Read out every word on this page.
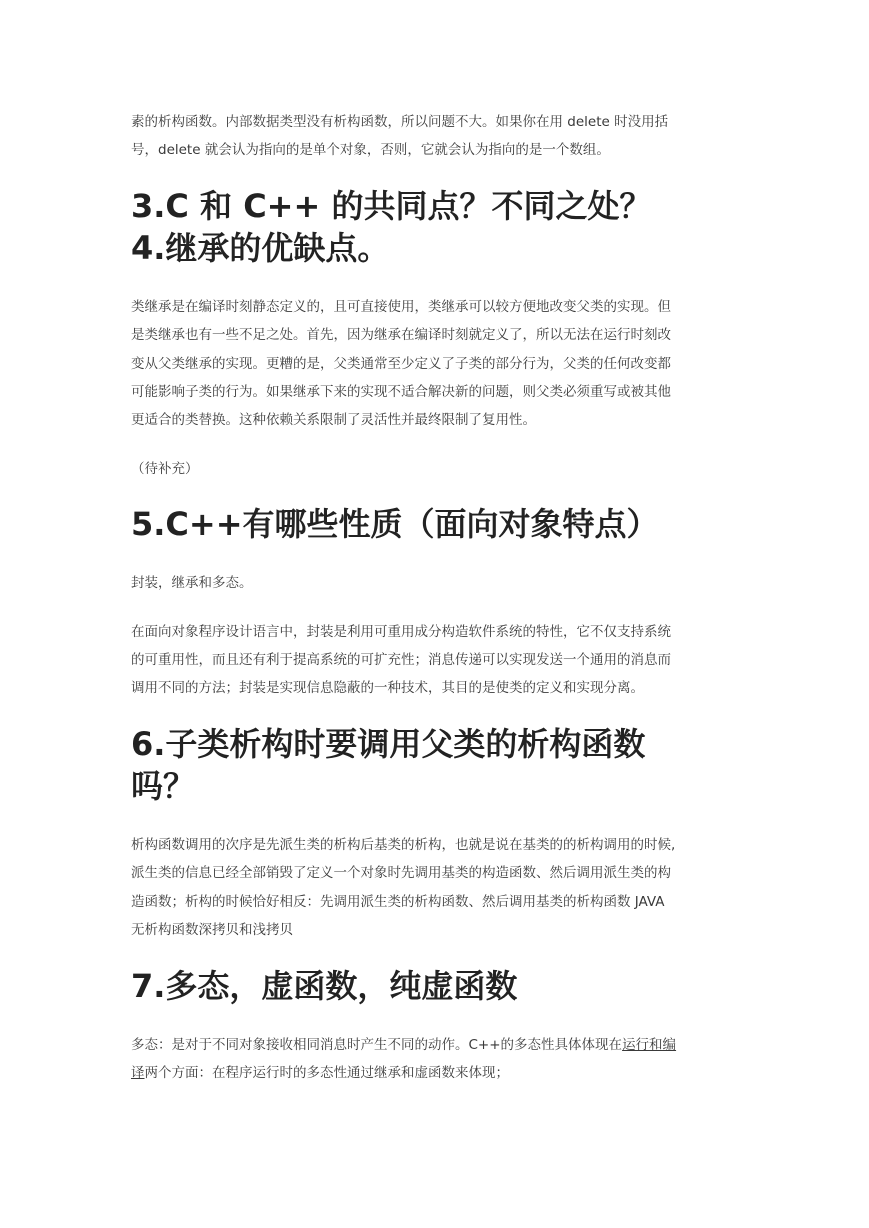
素的析构函数。内部数据类型没有析构函数，所以问题不大。如果你在用 delete 时没用括

号，delete 就会认为指向的是单个对象，否则，它就会认为指向的是一个数组。

3.C 和 C++ 的共同点？不同之处？
4.继承的优缺点。

类继承是在编译时刻静态定义的，且可直接使用，类继承可以较方便地改变父类的实现。但

是类继承也有一些不足之处。首先，因为继承在编译时刻就定义了，所以无法在运行时刻改

变从父类继承的实现。更糟的是，父类通常至少定义了子类的部分行为，父类的任何改变都

可能影响子类的行为。如果继承下来的实现不适合解决新的问题，则父类必须重写或被其他

更适合的类替换。这种依赖关系限制了灵活性并最终限制了复用性。

（待补充）

5.C++有哪些性质（面向对象特点）

封装，继承和多态。

在面向对象程序设计语言中，封装是利用可重用成分构造软件系统的特性，它不仅支持系统

的可重用性，而且还有利于提高系统的可扩充性；消息传递可以实现发送一个通用的消息而

调用不同的方法；封装是实现信息隐蔽的一种技术，其目的是使类的定义和实现分离。

6.子类析构时要调用父类的析构函数
吗？

析构函数调用的次序是先派生类的析构后基类的析构，也就是说在基类的的析构调用的时候,

派生类的信息已经全部销毁了定义一个对象时先调用基类的构造函数、然后调用派生类的构

造函数；析构的时候恰好相反：先调用派生类的析构函数、然后调用基类的析构函数 JAVA

无析构函数深拷贝和浅拷贝

7.多态，虚函数，纯虚函数

多态：是对于不同对象接收相同消息时产生不同的动作。C++的多态性具体体现在运行和编

译两个方面：在程序运行时的多态性通过继承和虚函数来体现；
